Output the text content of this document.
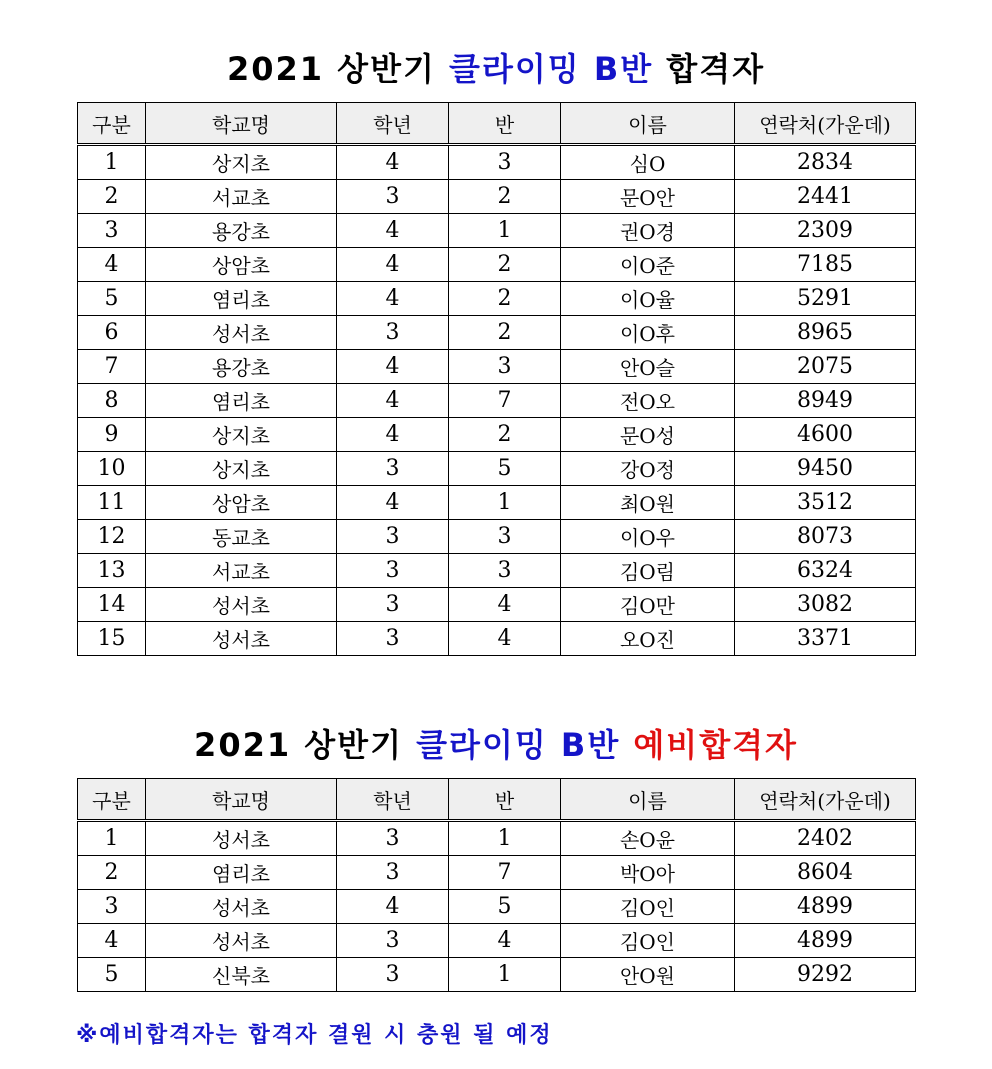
2021 상반기 클라이밍 B반 합격자
구분	학교명	학년	반	이름	연락처(가운데)
1	상지초	4	3	심O	2834
2	서교초	3	2	문O안	2441
3	용강초	4	1	권O경	2309
4	상암초	4	2	이O준	7185
5	염리초	4	2	이O율	5291
6	성서초	3	2	이O후	8965
7	용강초	4	3	안O슬	2075
8	염리초	4	7	전O오	8949
9	상지초	4	2	문O성	4600
10	상지초	3	5	강O정	9450
11	상암초	4	1	최O원	3512
12	동교초	3	3	이O우	8073
13	서교초	3	3	김O림	6324
14	성서초	3	4	김O만	3082
15	성서초	3	4	오O진	3371
2021 상반기 클라이밍 B반 예비합격자
구분	학교명	학년	반	이름	연락처(가운데)
1	성서초	3	1	손O윤	2402
2	염리초	3	7	박O아	8604
3	성서초	4	5	김O인	4899
4	성서초	3	4	김O인	4899
5	신북초	3	1	안O원	9292
※예비합격자는 합격자 결원 시 충원 될 예정
